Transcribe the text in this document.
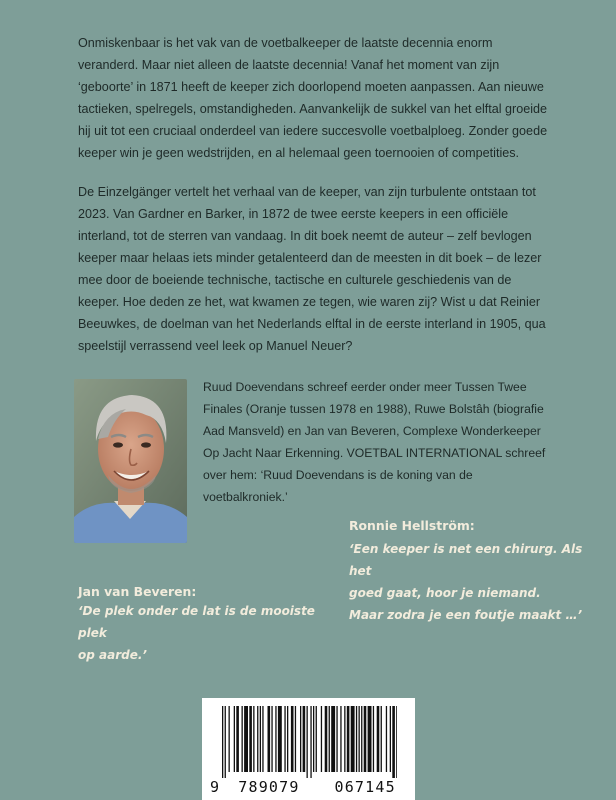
Onmiskenbaar is het vak van de voetbalkeeper de laatste decennia enorm veranderd. Maar niet alleen de laatste decennia! Vanaf het moment van zijn ‘geboorte’ in 1871 heeft de keeper zich doorlopend moeten aanpassen. Aan nieuwe tactieken, spelregels, omstandigheden. Aanvankelijk de sukkel van het elftal groeide hij uit tot een cruciaal onderdeel van iedere succesvolle voetbalploeg. Zonder goede keeper win je geen wedstrijden, en al helemaal geen toernooien of competities.

De Einzelgänger vertelt het verhaal van de keeper, van zijn turbulente ontstaan tot 2023. Van Gardner en Barker, in 1872 de twee eerste keepers in een officiële interland, tot de sterren van vandaag. In dit boek neemt de auteur – zelf bevlogen keeper maar helaas iets minder getalenteerd dan de meesten in dit boek – de lezer mee door de boeiende technische, tactische en culturele geschiedenis van de keeper. Hoe deden ze het, wat kwamen ze tegen, wie waren zij? Wist u dat Reinier Beeuwkes, de doelman van het Nederlands elftal in de eerste interland in 1905, qua speelstijl verrassend veel leek op Manuel Neuer?

Ruud Doevendans schreef eerder onder meer Tussen Twee Finales (Oranje tussen 1978 en 1988), Ruwe Bolstâh (biografie Aad Mansveld) en Jan van Beveren, Complexe Wonderkeeper Op Jacht Naar Erkenning. VOETBAL INTERNATIONAL schreef over hem: ‘Ruud Doevendans is de koning van de voetbalkroniek.’

Ronnie Hellström:
‘Een keeper is net een chirurg. Als het
goed gaat, hoor je niemand.
Maar zodra je een foutje maakt …’
Jan van Beveren:
‘De plek onder de lat is de mooiste plek
op aarde.’
9 789079 067145
